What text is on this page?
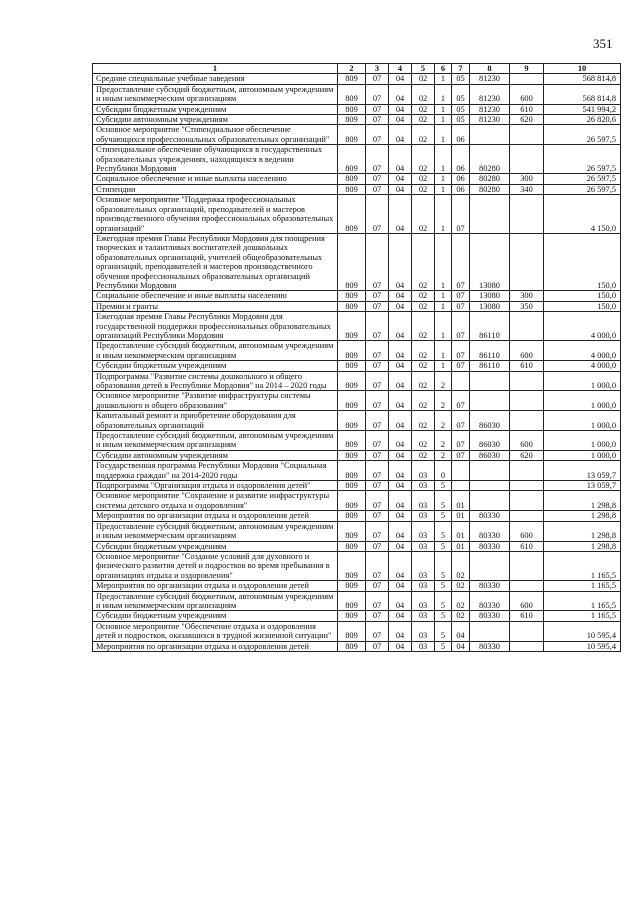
351
1	2	3	4	5	6	7	8	9	10
Средние специальные учебные заведения	809	07	04	02	1	05	81230		568 814,8
Предоставление субсидий бюджетным, автономным учреждениям и иным некоммерческим организациям	809	07	04	02	1	05	81230	600	568 814,8
Субсидии бюджетным учреждениям	809	07	04	02	1	05	81230	610	541 994,2
Субсидии автономным учреждениям	809	07	04	02	1	05	81230	620	26 820,6
Основное мероприятие "Стипендиальное обеспечение обучающихся профессиональных образовательных организаций"	809	07	04	02	1	06			26 597,5
Стипендиальное обеспечение обучающихся в государственных образовательных учреждениях, находящихся в ведении Республики Мордовия	809	07	04	02	1	06	80280		26 597,5
Социальное обеспечение и иные выплаты населению	809	07	04	02	1	06	80280	300	26 597,5
Стипендии	809	07	04	02	1	06	80280	340	26 597,5
Основное мероприятие "Поддержка профессиональных образовательных организаций, преподавателей и мастеров производственного обучения профессиональных образовательных организаций"	809	07	04	02	1	07			4 150,0
Ежегодная премия Главы Республики Мордовия для поощрения творческих и талантливых воспитателей дошкольных образовательных организаций, учителей общеобразовательных организаций, преподавателей и мастеров производственного обучения профессиональных образовательных организаций Республики Мордовия	809	07	04	02	1	07	13080		150,0
Социальное обеспечение и иные выплаты населению	809	07	04	02	1	07	13080	300	150,0
Премии и гранты	809	07	04	02	1	07	13080	350	150,0
Ежегодная премия Главы Республики Мордовия для государственной поддержки профессиональных образовательных организаций Республики Мордовия	809	07	04	02	1	07	86110		4 000,0
Предоставление субсидий бюджетным, автономным учреждениям и иным некоммерческим организациям	809	07	04	02	1	07	86110	600	4 000,0
Субсидии бюджетным учреждениям	809	07	04	02	1	07	86110	610	4 000,0
Подпрограмма "Развитие системы дошкольного и общего образования детей в Республике Мордовия" на 2014 – 2020 годы	809	07	04	02	2				1 000,0
Основное мероприятие "Развитие инфраструктуры системы дошкольного и общего образования"	809	07	04	02	2	07			1 000,0
Капитальный ремонт и приобретение оборудования для образовательных организаций	809	07	04	02	2	07	86030		1 000,0
Предоставление субсидий бюджетным, автономным учреждениям и иным некоммерческим организациям	809	07	04	02	2	07	86030	600	1 000,0
Субсидии автономным учреждениям	809	07	04	02	2	07	86030	620	1 000,0
Государственная программа Республики Мордовия "Социальная поддержка граждан" на 2014-2020 годы	809	07	04	03	0				13 059,7
Подпрограмма "Организация отдыха и оздоровления детей"	809	07	04	03	5				13 059,7
Основное мероприятие "Сохранение и развитие инфраструктуры системы детского отдыха и оздоровления"	809	07	04	03	5	01			1 298,8
Мероприятия по организации отдыха и оздоровления детей	809	07	04	03	5	01	80330		1 298,8
Предоставление субсидий бюджетным, автономным учреждениям и иным некоммерческим организациям	809	07	04	03	5	01	80330	600	1 298,8
Субсидии бюджетным учреждениям	809	07	04	03	5	01	80330	610	1 298,8
Основное мероприятие "Создание условий для духовного и физического развития детей и подростков во время пребывания в организациях отдыха и оздоровления"	809	07	04	03	5	02			1 165,5
Мероприятия по организации отдыха и оздоровления детей	809	07	04	03	5	02	80330		1 165,5
Предоставление субсидий бюджетным, автономным учреждениям и иным некоммерческим организациям	809	07	04	03	5	02	80330	600	1 165,5
Субсидии бюджетным учреждениям	809	07	04	03	5	02	80330	610	1 165,5
Основное мероприятие "Обеспечение отдыха и оздоровления детей и подростков, оказавшихся в трудной жизненной ситуации"	809	07	04	03	5	04			10 595,4
Мероприятия по организации отдыха и оздоровления детей	809	07	04	03	5	04	80330		10 595,4
